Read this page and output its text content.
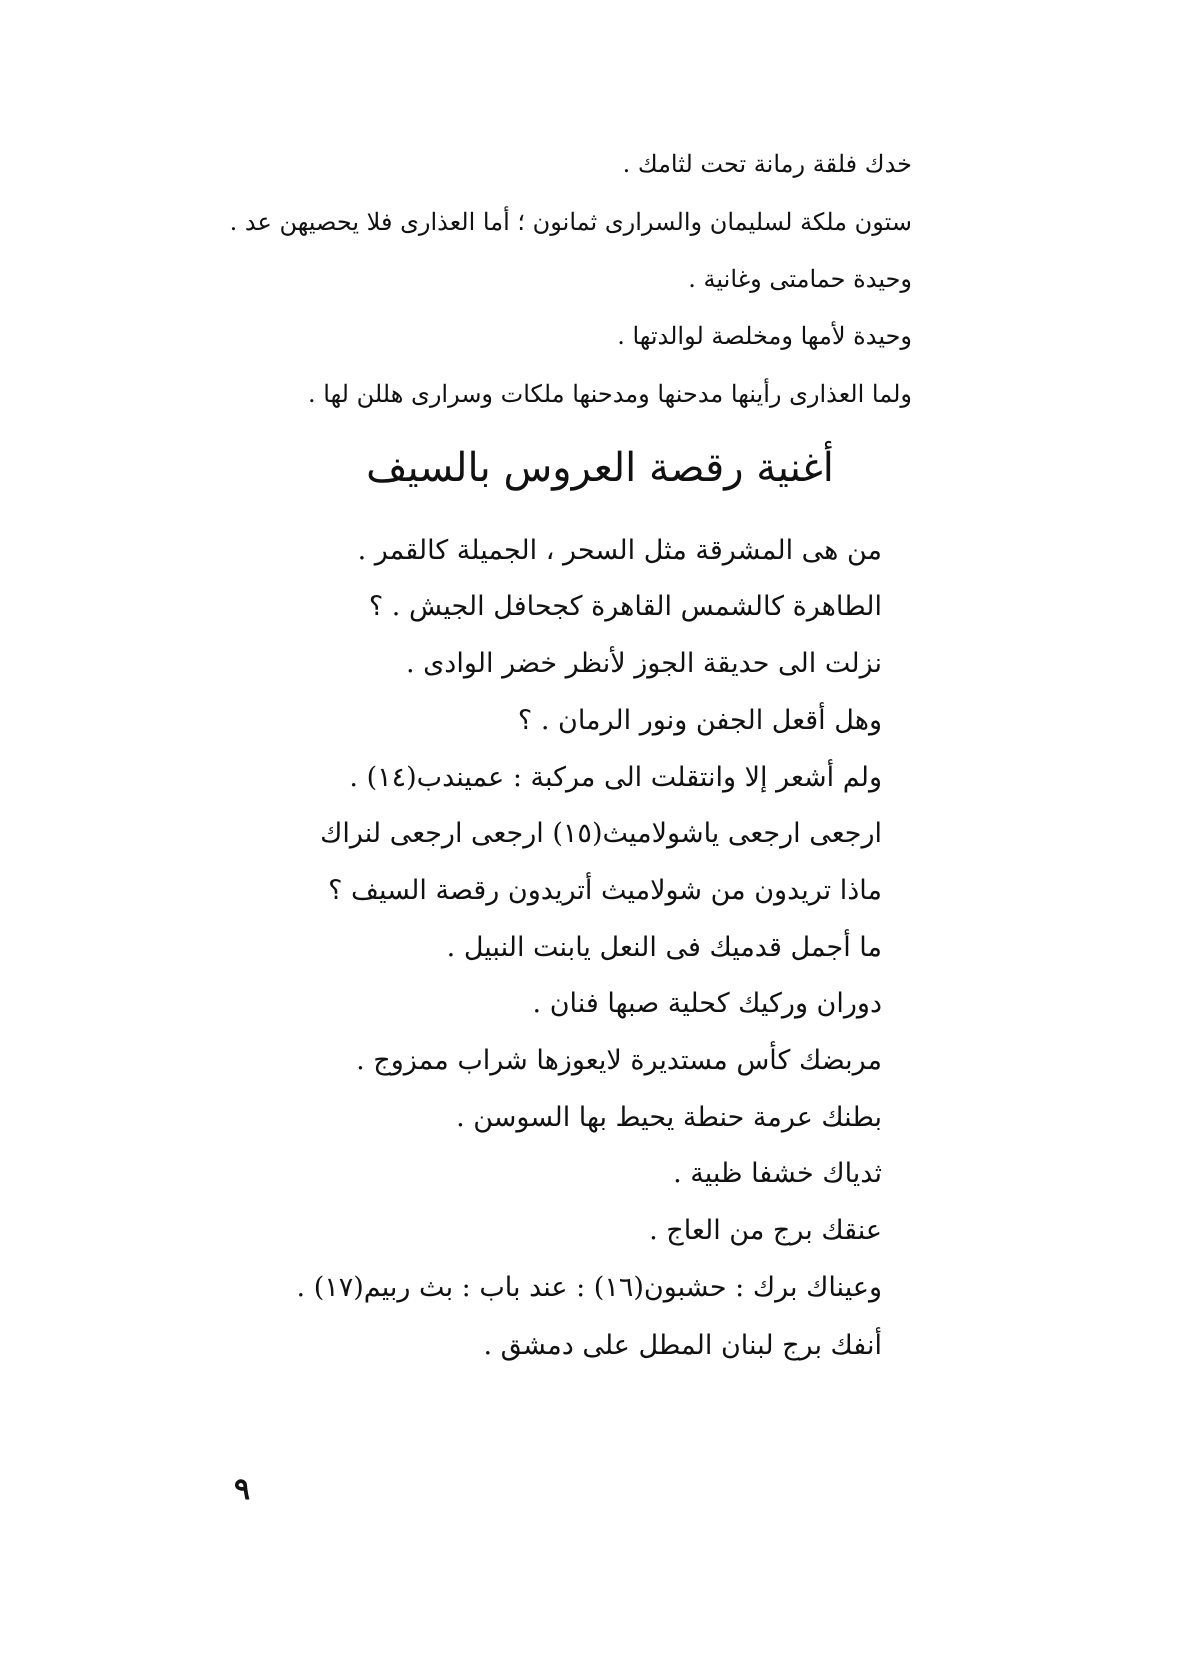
خدك فلقة رمانة تحت لثامك .
ستون ملكة لسليمان والسرارى ثمانون ؛ أما العذارى فلا يحصيهن عد .
وحيدة حمامتى وغانية .
وحيدة لأمها ومخلصة لوالدتها .
ولما العذارى رأينها مدحنها ومدحنها ملكات وسرارى هللن لها .
أغنية رقصة العروس بالسيف
من هى المشرقة مثل السحر ، الجميلة كالقمر .
الطاهرة كالشمس القاهرة كجحافل الجيش . ؟
نزلت الى حديقة الجوز لأنظر خضر الوادى .
وهل أقعل الجفن ونور الرمان . ؟
ولم أشعر إلا وانتقلت الى مركبة : عميندب(١٤) .
ارجعى ارجعى ياشولاميث(١٥) ارجعى ارجعى لنراك
ماذا تريدون من شولاميث أتريدون رقصة السيف ؟
ما أجمل قدميك فى النعل يابنت النبيل .
دوران وركيك كحلية صبها فنان .
مربضك كأس مستديرة لايعوزها شراب ممزوج .
بطنك عرمة حنطة يحيط بها السوسن .
ثدياك خشفا ظبية .
عنقك برج من العاج .
وعيناك برك : حشبون(١٦) : عند باب : بث ربيم(١٧) .
أنفك برج لبنان المطل على دمشق .
٩
